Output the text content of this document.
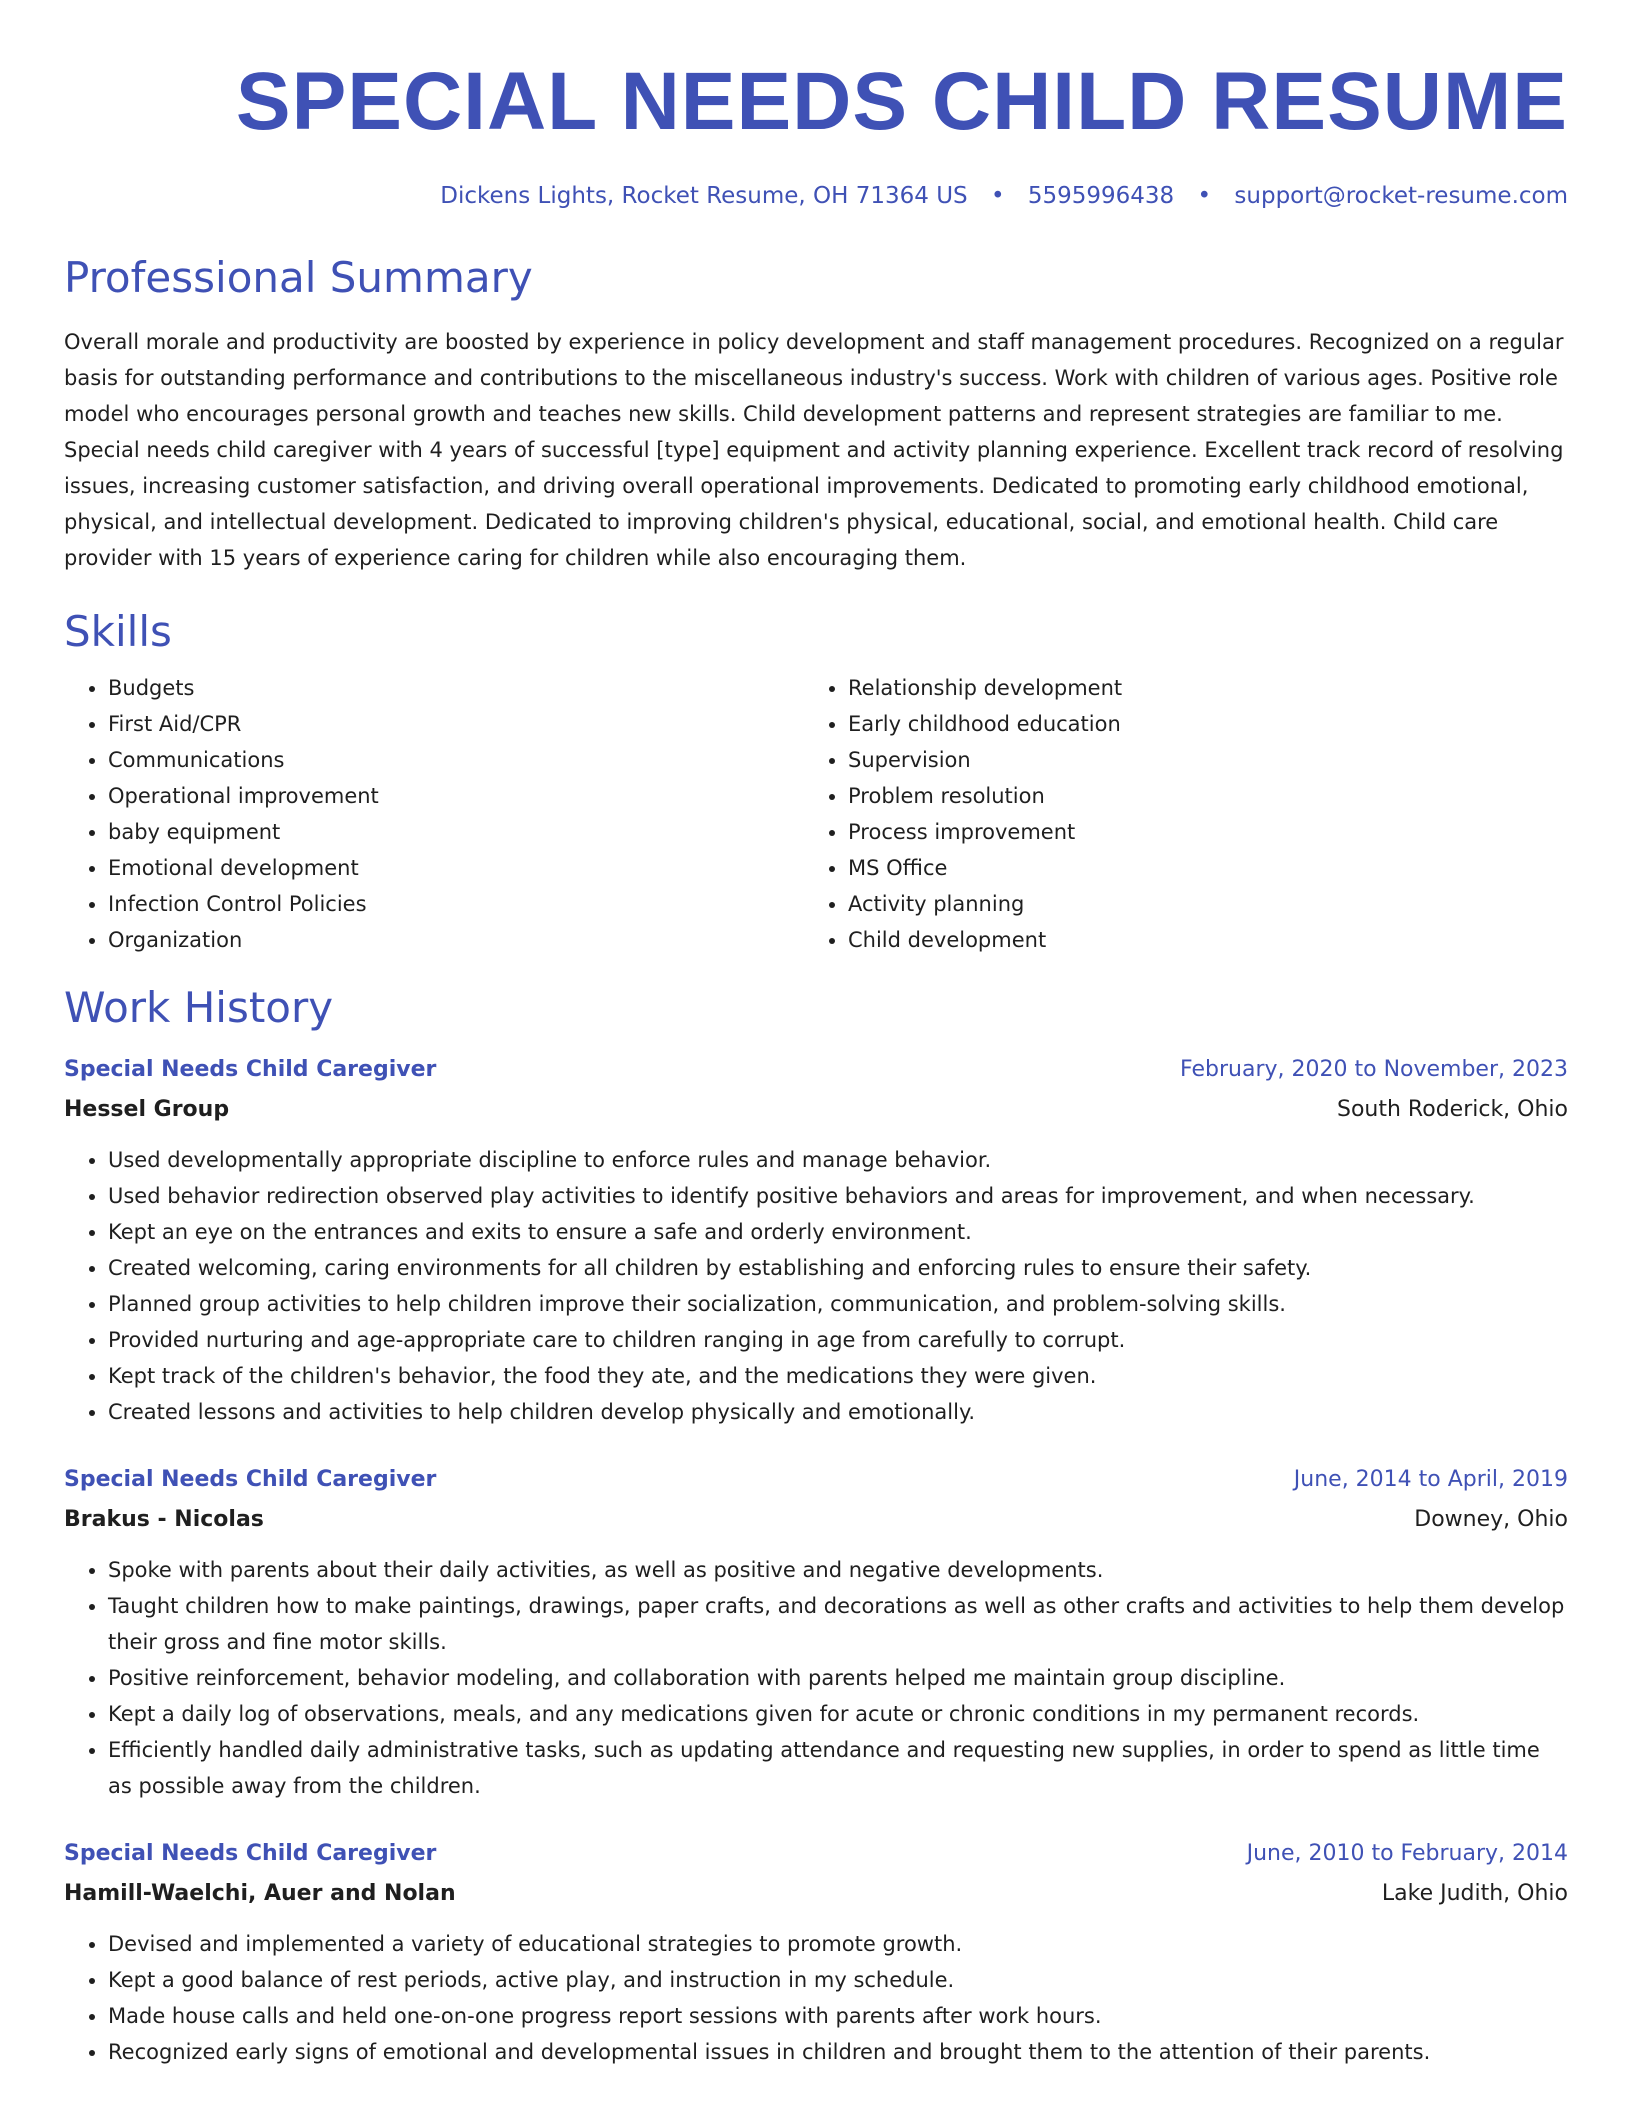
SPECIAL NEEDS CHILD RESUME
Dickens Lights, Rocket Resume, OH 71364 US • 5595996438 • support@rocket-resume.com
Professional Summary
Overall morale and productivity are boosted by experience in policy development and staff management procedures. Recognized on a regular basis for outstanding performance and contributions to the miscellaneous industry's success. Work with children of various ages. Positive role model who encourages personal growth and teaches new skills. Child development patterns and represent strategies are familiar to me. Special needs child caregiver with 4 years of successful [type] equipment and activity planning experience. Excellent track record of resolving issues, increasing customer satisfaction, and driving overall operational improvements. Dedicated to promoting early childhood emotional, physical, and intellectual development. Dedicated to improving children's physical, educational, social, and emotional health. Child care provider with 15 years of experience caring for children while also encouraging them.
Skills
• Budgets
• First Aid/CPR
• Communications
• Operational improvement
• baby equipment
• Emotional development
• Infection Control Policies
• Organization
• Relationship development
• Early childhood education
• Supervision
• Problem resolution
• Process improvement
• MS Office
• Activity planning
• Child development
Work History
Special Needs Child Caregiver	February, 2020 to November, 2023
Hessel Group	South Roderick, Ohio
• Used developmentally appropriate discipline to enforce rules and manage behavior.
• Used behavior redirection observed play activities to identify positive behaviors and areas for improvement, and when necessary.
• Kept an eye on the entrances and exits to ensure a safe and orderly environment.
• Created welcoming, caring environments for all children by establishing and enforcing rules to ensure their safety.
• Planned group activities to help children improve their socialization, communication, and problem-solving skills.
• Provided nurturing and age-appropriate care to children ranging in age from carefully to corrupt.
• Kept track of the children's behavior, the food they ate, and the medications they were given.
• Created lessons and activities to help children develop physically and emotionally.
Special Needs Child Caregiver	June, 2014 to April, 2019
Brakus - Nicolas	Downey, Ohio
• Spoke with parents about their daily activities, as well as positive and negative developments.
• Taught children how to make paintings, drawings, paper crafts, and decorations as well as other crafts and activities to help them develop their gross and fine motor skills.
• Positive reinforcement, behavior modeling, and collaboration with parents helped me maintain group discipline.
• Kept a daily log of observations, meals, and any medications given for acute or chronic conditions in my permanent records.
• Efficiently handled daily administrative tasks, such as updating attendance and requesting new supplies, in order to spend as little time as possible away from the children.
Special Needs Child Caregiver	June, 2010 to February, 2014
Hamill-Waelchi, Auer and Nolan	Lake Judith, Ohio
• Devised and implemented a variety of educational strategies to promote growth.
• Kept a good balance of rest periods, active play, and instruction in my schedule.
• Made house calls and held one-on-one progress report sessions with parents after work hours.
• Recognized early signs of emotional and developmental issues in children and brought them to the attention of their parents.
